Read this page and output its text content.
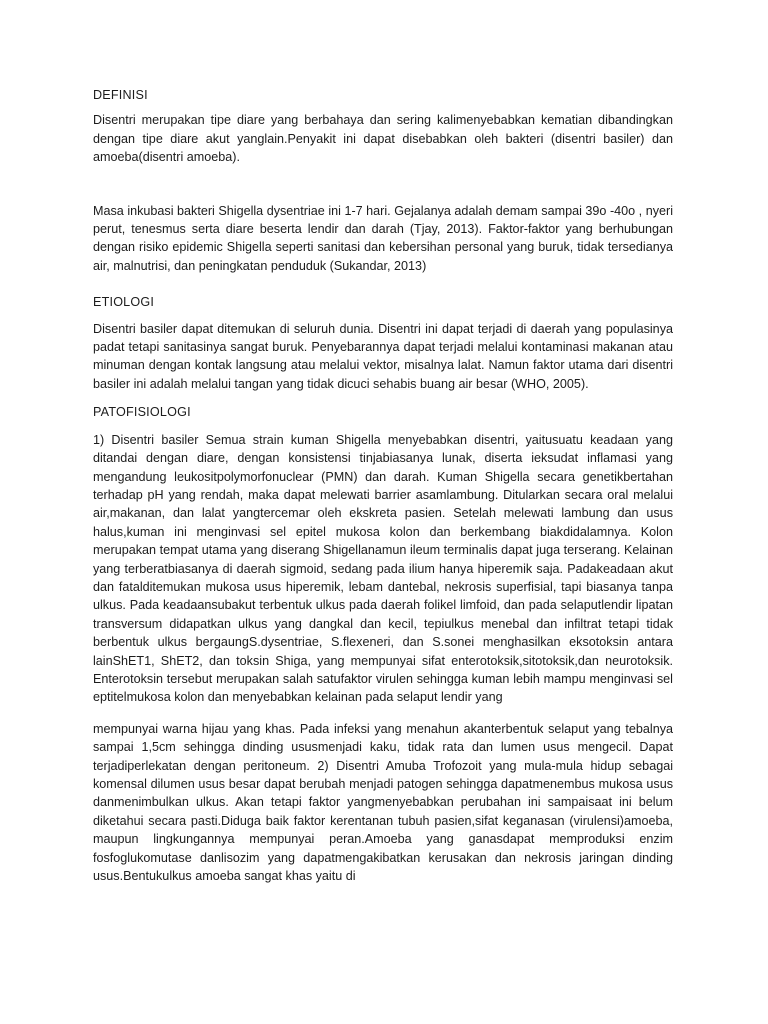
DEFINISI

Disentri merupakan tipe diare yang berbahaya dan sering kalimenyebabkan kematian dibandingkan dengan tipe diare akut yanglain.Penyakit ini dapat disebabkan oleh bakteri (disentri basiler) dan amoeba(disentri amoeba).

Masa inkubasi bakteri Shigella dysentriae ini 1-7 hari. Gejalanya adalah demam sampai 39o -40o , nyeri perut, tenesmus serta diare beserta lendir dan darah (Tjay, 2013). Faktor-faktor yang berhubungan dengan risiko epidemic Shigella seperti sanitasi dan kebersihan personal yang buruk, tidak tersedianya air, malnutrisi, dan peningkatan penduduk (Sukandar, 2013)

ETIOLOGI

Disentri basiler dapat ditemukan di seluruh dunia. Disentri ini dapat terjadi di daerah yang populasinya padat tetapi sanitasinya sangat buruk. Penyebarannya dapat terjadi melalui kontaminasi makanan atau minuman dengan kontak langsung atau melalui vektor, misalnya lalat. Namun faktor utama dari disentri basiler ini adalah melalui tangan yang tidak dicuci sehabis buang air besar (WHO, 2005).

PATOFISIOLOGI

1) Disentri basiler Semua strain kuman Shigella menyebabkan disentri, yaitusuatu keadaan yang ditandai dengan diare, dengan konsistensi tinjabiasanya lunak, diserta ieksudat inflamasi yang mengandung leukositpolymorfonuclear (PMN) dan darah. Kuman Shigella secara genetikbertahan terhadap pH yang rendah, maka dapat melewati barrier asamlambung. Ditularkan secara oral melalui air,makanan, dan lalat yangtercemar oleh ekskreta pasien. Setelah melewati lambung dan usus halus,kuman ini menginvasi sel epitel mukosa kolon dan berkembang biakdidalamnya. Kolon merupakan tempat utama yang diserang Shigellanamun ileum terminalis dapat juga terserang. Kelainan yang terberatbiasanya di daerah sigmoid, sedang pada ilium hanya hiperemik saja. Padakeadaan akut dan fatalditemukan mukosa usus hiperemik, lebam dantebal, nekrosis superfisial, tapi biasanya tanpa ulkus. Pada keadaansubakut terbentuk ulkus pada daerah folikel limfoid, dan pada selaputlendir lipatan transversum didapatkan ulkus yang dangkal dan kecil, tepiulkus menebal dan infiltrat tetapi tidak berbentuk ulkus bergaungS.dysentriae, S.flexeneri, dan S.sonei menghasilkan eksotoksin antara lainShET1, ShET2, dan toksin Shiga, yang mempunyai sifat enterotoksik,sitotoksik,dan neurotoksik. Enterotoksin tersebut merupakan salah satufaktor virulen sehingga kuman lebih mampu menginvasi sel eptitelmukosa kolon dan menyebabkan kelainan pada selaput lendir yang

mempunyai warna hijau yang khas. Pada infeksi yang menahun akanterbentuk selaput yang tebalnya sampai 1,5cm sehingga dinding ususmenjadi kaku, tidak rata dan lumen usus mengecil. Dapat terjadiperlekatan dengan peritoneum. 2) Disentri Amuba Trofozoit yang mula-mula hidup sebagai komensal dilumen usus besar dapat berubah menjadi patogen sehingga dapatmenembus mukosa usus danmenimbulkan ulkus. Akan tetapi faktor yangmenyebabkan perubahan ini sampaisaat ini belum diketahui secara pasti.Diduga baik faktor kerentanan tubuh pasien,sifat keganasan (virulensi)amoeba, maupun lingkungannya mempunyai peran.Amoeba yang ganasdapat memproduksi enzim fosfoglukomutase danlisozim yang dapatmengakibatkan kerusakan dan nekrosis jaringan dinding usus.Bentukulkus amoeba sangat khas yaitu di
